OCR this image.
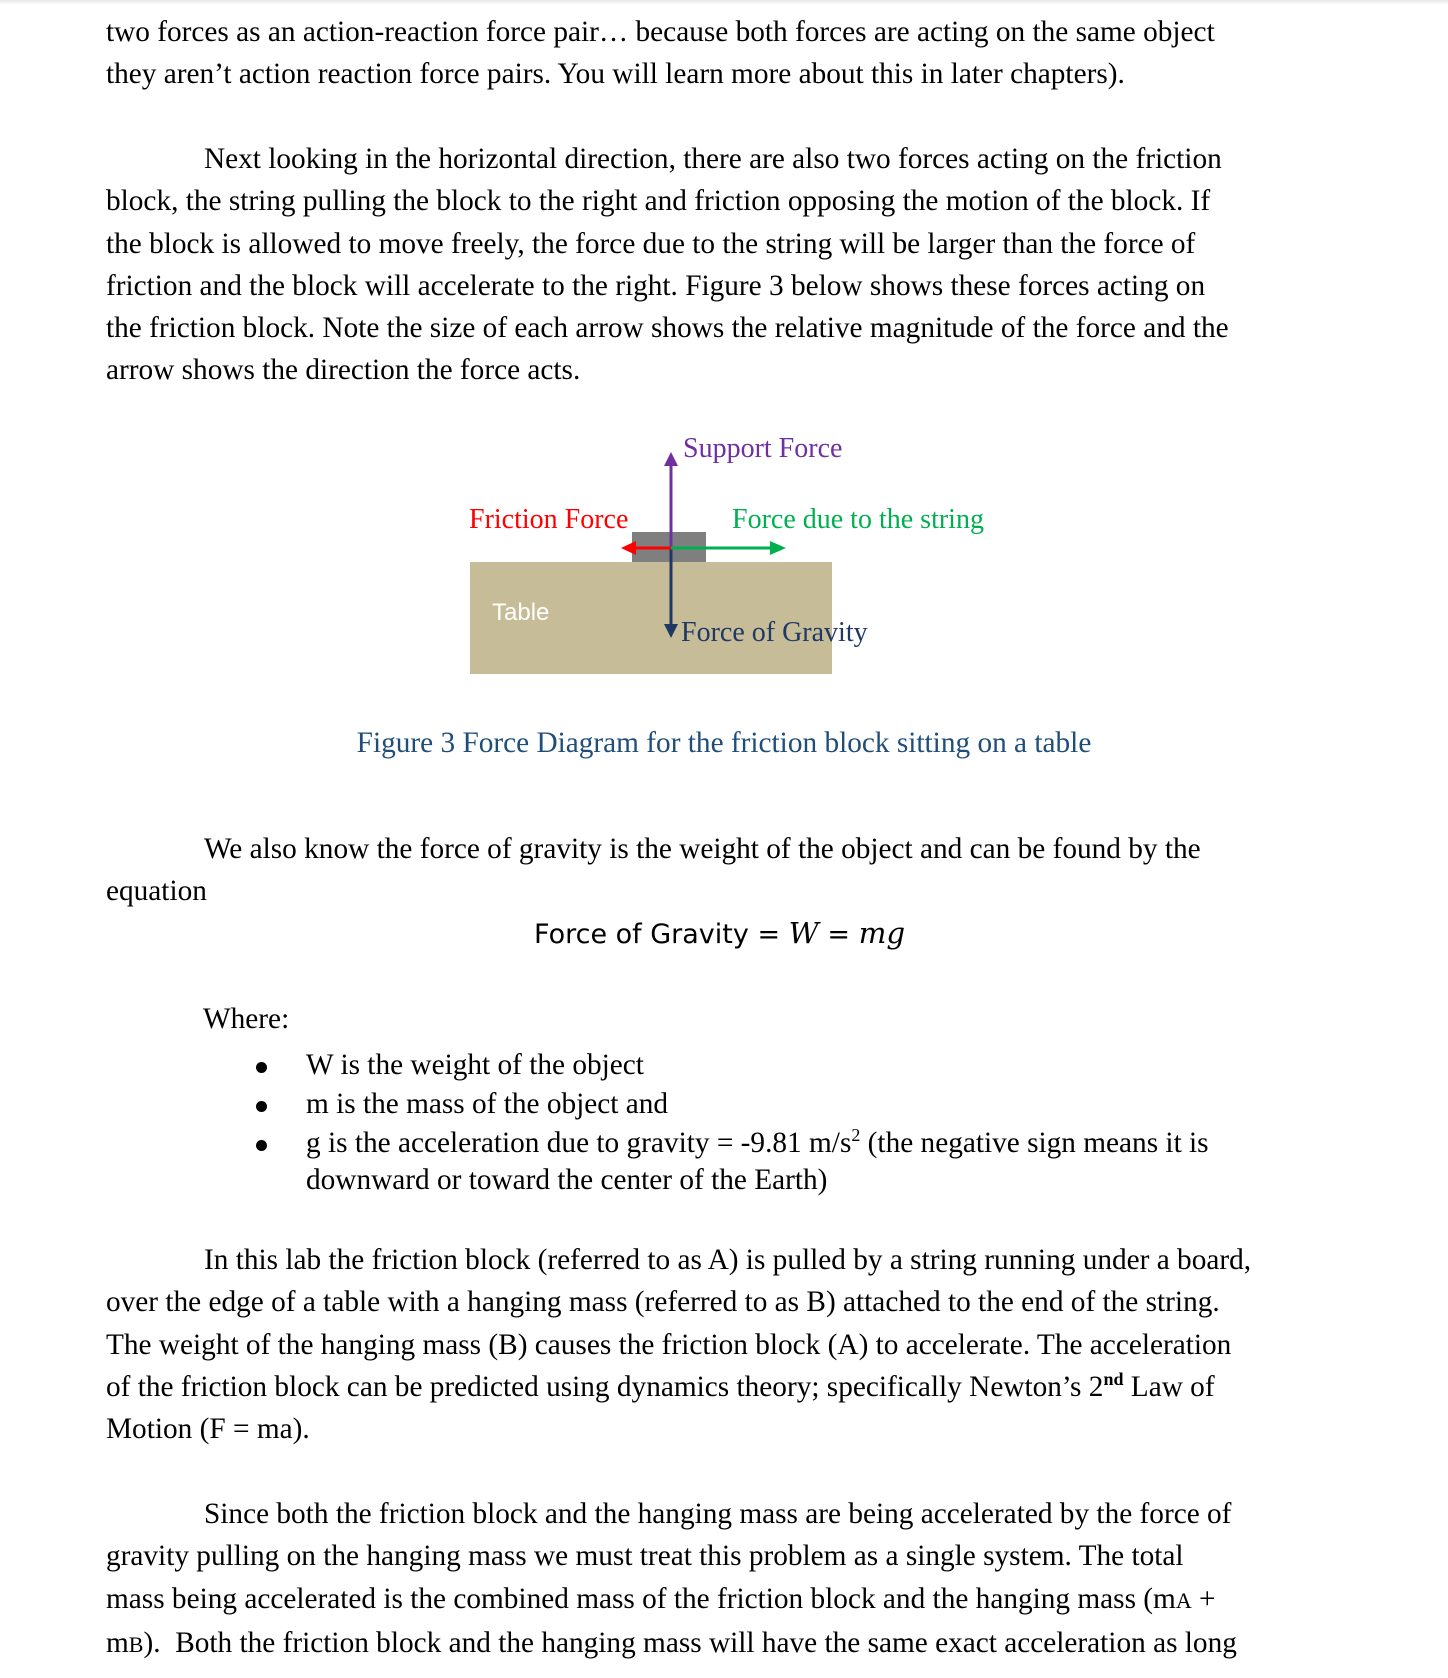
two forces as an action-reaction force pair… because both forces are acting on the same object
they aren’t action reaction force pairs. You will learn more about this in later chapters).
Next looking in the horizontal direction, there are also two forces acting on the friction
block, the string pulling the block to the right and friction opposing the motion of the block. If
the block is allowed to move freely, the force due to the string will be larger than the force of
friction and the block will accelerate to the right. Figure 3 below shows these forces acting on
the friction block. Note the size of each arrow shows the relative magnitude of the force and the
arrow shows the direction the force acts.
Table
Support Force
Friction Force	Force due to the string
Force of Gravity
Figure 3 Force Diagram for the friction block sitting on a table
We also know the force of gravity is the weight of the object and can be found by the
equation
Force of Gravity = W = mg
Where:
W is the weight of the object
m is the mass of the object and
g is the acceleration due to gravity = -9.81 $m/s^2$ (the negative sign means it is
downward or toward the center of the Earth)
In this lab the friction block (referred to as A) is pulled by a string running under a board,
over the edge of a table with a hanging mass (referred to as B) attached to the end of the string.
The weight of the hanging mass (B) causes the friction block (A) to accelerate. The acceleration
of the friction block can be predicted using dynamics theory; specifically Newton’s 2nd Law of
Motion (F = ma).
Since both the friction block and the hanging mass are being accelerated by the force of
gravity pulling on the hanging mass we must treat this problem as a single system. The total
mass being accelerated is the combined mass of the friction block and the hanging mass (mA +
mB).  Both the friction block and the hanging mass will have the same exact acceleration as long
